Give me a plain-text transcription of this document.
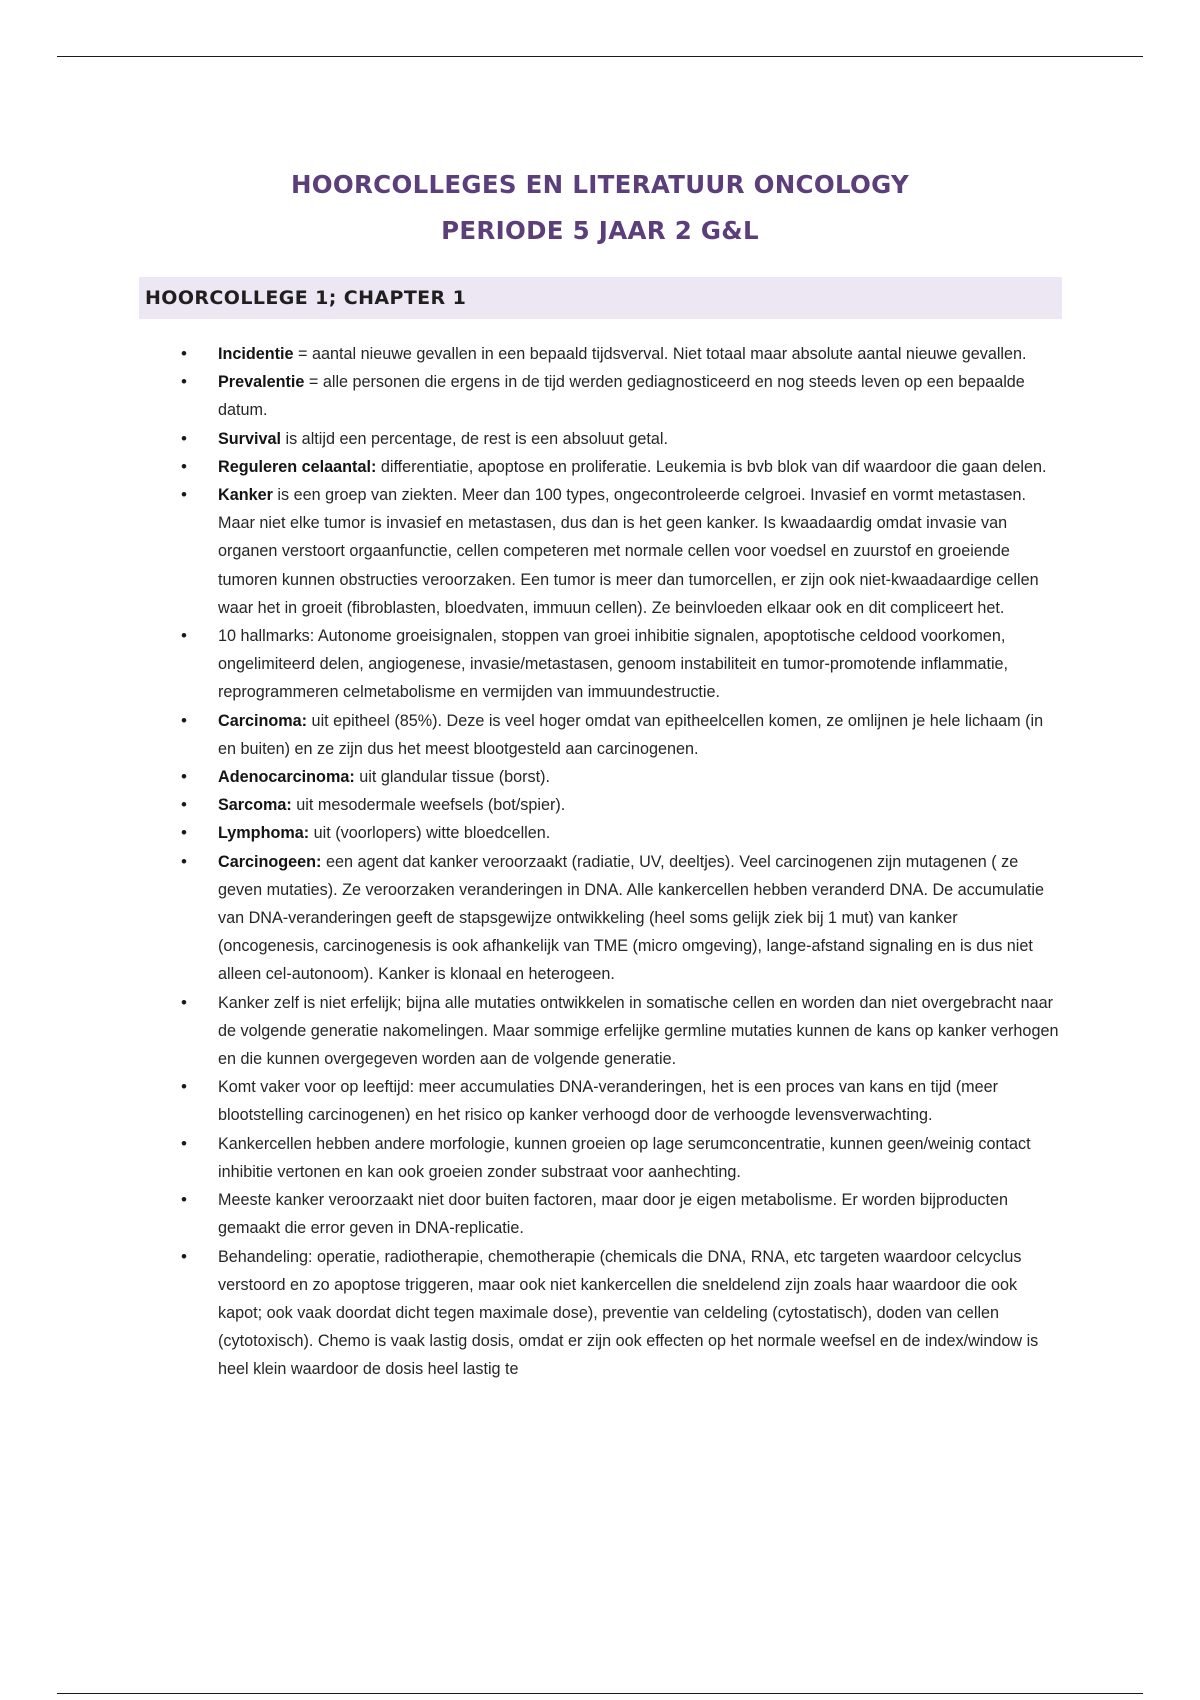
HOORCOLLEGES EN LITERATUUR ONCOLOGY
PERIODE 5 JAAR 2 G&L
HOORCOLLEGE 1; CHAPTER 1
• Incidentie = aantal nieuwe gevallen in een bepaald tijdsverval. Niet totaal maar absolute aantal nieuwe gevallen.
• Prevalentie = alle personen die ergens in de tijd werden gediagnosticeerd en nog steeds leven op een bepaalde datum.
• Survival is altijd een percentage, de rest is een absoluut getal.
• Reguleren celaantal: differentiatie, apoptose en proliferatie. Leukemia is bvb blok van dif waardoor die gaan delen.
• Kanker is een groep van ziekten. Meer dan 100 types, ongecontroleerde celgroei. Invasief en vormt metastasen. Maar niet elke tumor is invasief en metastasen, dus dan is het geen kanker. Is kwaadaardig omdat invasie van organen verstoort orgaanfunctie, cellen competeren met normale cellen voor voedsel en zuurstof en groeiende tumoren kunnen obstructies veroorzaken. Een tumor is meer dan tumorcellen, er zijn ook niet-kwaadaardige cellen waar het in groeit (fibroblasten, bloedvaten, immuun cellen). Ze beinvloeden elkaar ook en dit compliceert het.
• 10 hallmarks: Autonome groeisignalen, stoppen van groei inhibitie signalen, apoptotische celdood voorkomen, ongelimiteerd delen, angiogenese, invasie/metastasen, genoom instabiliteit en tumor-promotende inflammatie, reprogrammeren celmetabolisme en vermijden van immuundestructie.
• Carcinoma: uit epitheel (85%). Deze is veel hoger omdat van epitheelcellen komen, ze omlijnen je hele lichaam (in en buiten) en ze zijn dus het meest blootgesteld aan carcinogenen.
• Adenocarcinoma: uit glandular tissue (borst).
• Sarcoma: uit mesodermale weefsels (bot/spier).
• Lymphoma: uit (voorlopers) witte bloedcellen.
• Carcinogeen: een agent dat kanker veroorzaakt (radiatie, UV, deeltjes). Veel carcinogenen zijn mutagenen ( ze geven mutaties). Ze veroorzaken veranderingen in DNA. Alle kankercellen hebben veranderd DNA. De accumulatie van DNA-veranderingen geeft de stapsgewijze ontwikkeling (heel soms gelijk ziek bij 1 mut) van kanker (oncogenesis, carcinogenesis is ook afhankelijk van TME (micro omgeving), lange-afstand signaling en is dus niet alleen cel-autonoom). Kanker is klonaal en heterogeen.
• Kanker zelf is niet erfelijk; bijna alle mutaties ontwikkelen in somatische cellen en worden dan niet overgebracht naar de volgende generatie nakomelingen. Maar sommige erfelijke germline mutaties kunnen de kans op kanker verhogen en die kunnen overgegeven worden aan de volgende generatie.
• Komt vaker voor op leeftijd: meer accumulaties DNA-veranderingen, het is een proces van kans en tijd (meer blootstelling carcinogenen) en het risico op kanker verhoogd door de verhoogde levensverwachting.
• Kankercellen hebben andere morfologie, kunnen groeien op lage serumconcentratie, kunnen geen/weinig contact inhibitie vertonen en kan ook groeien zonder substraat voor aanhechting.
• Meeste kanker veroorzaakt niet door buiten factoren, maar door je eigen metabolisme. Er worden bijproducten gemaakt die error geven in DNA-replicatie.
• Behandeling: operatie, radiotherapie, chemotherapie (chemicals die DNA, RNA, etc targeten waardoor celcyclus verstoord en zo apoptose triggeren, maar ook niet kankercellen die sneldelend zijn zoals haar waardoor die ook kapot; ook vaak doordat dicht tegen maximale dose), preventie van celdeling (cytostatisch), doden van cellen (cytotoxisch). Chemo is vaak lastig dosis, omdat er zijn ook effecten op het normale weefsel en de index/window is heel klein waardoor de dosis heel lastig te
